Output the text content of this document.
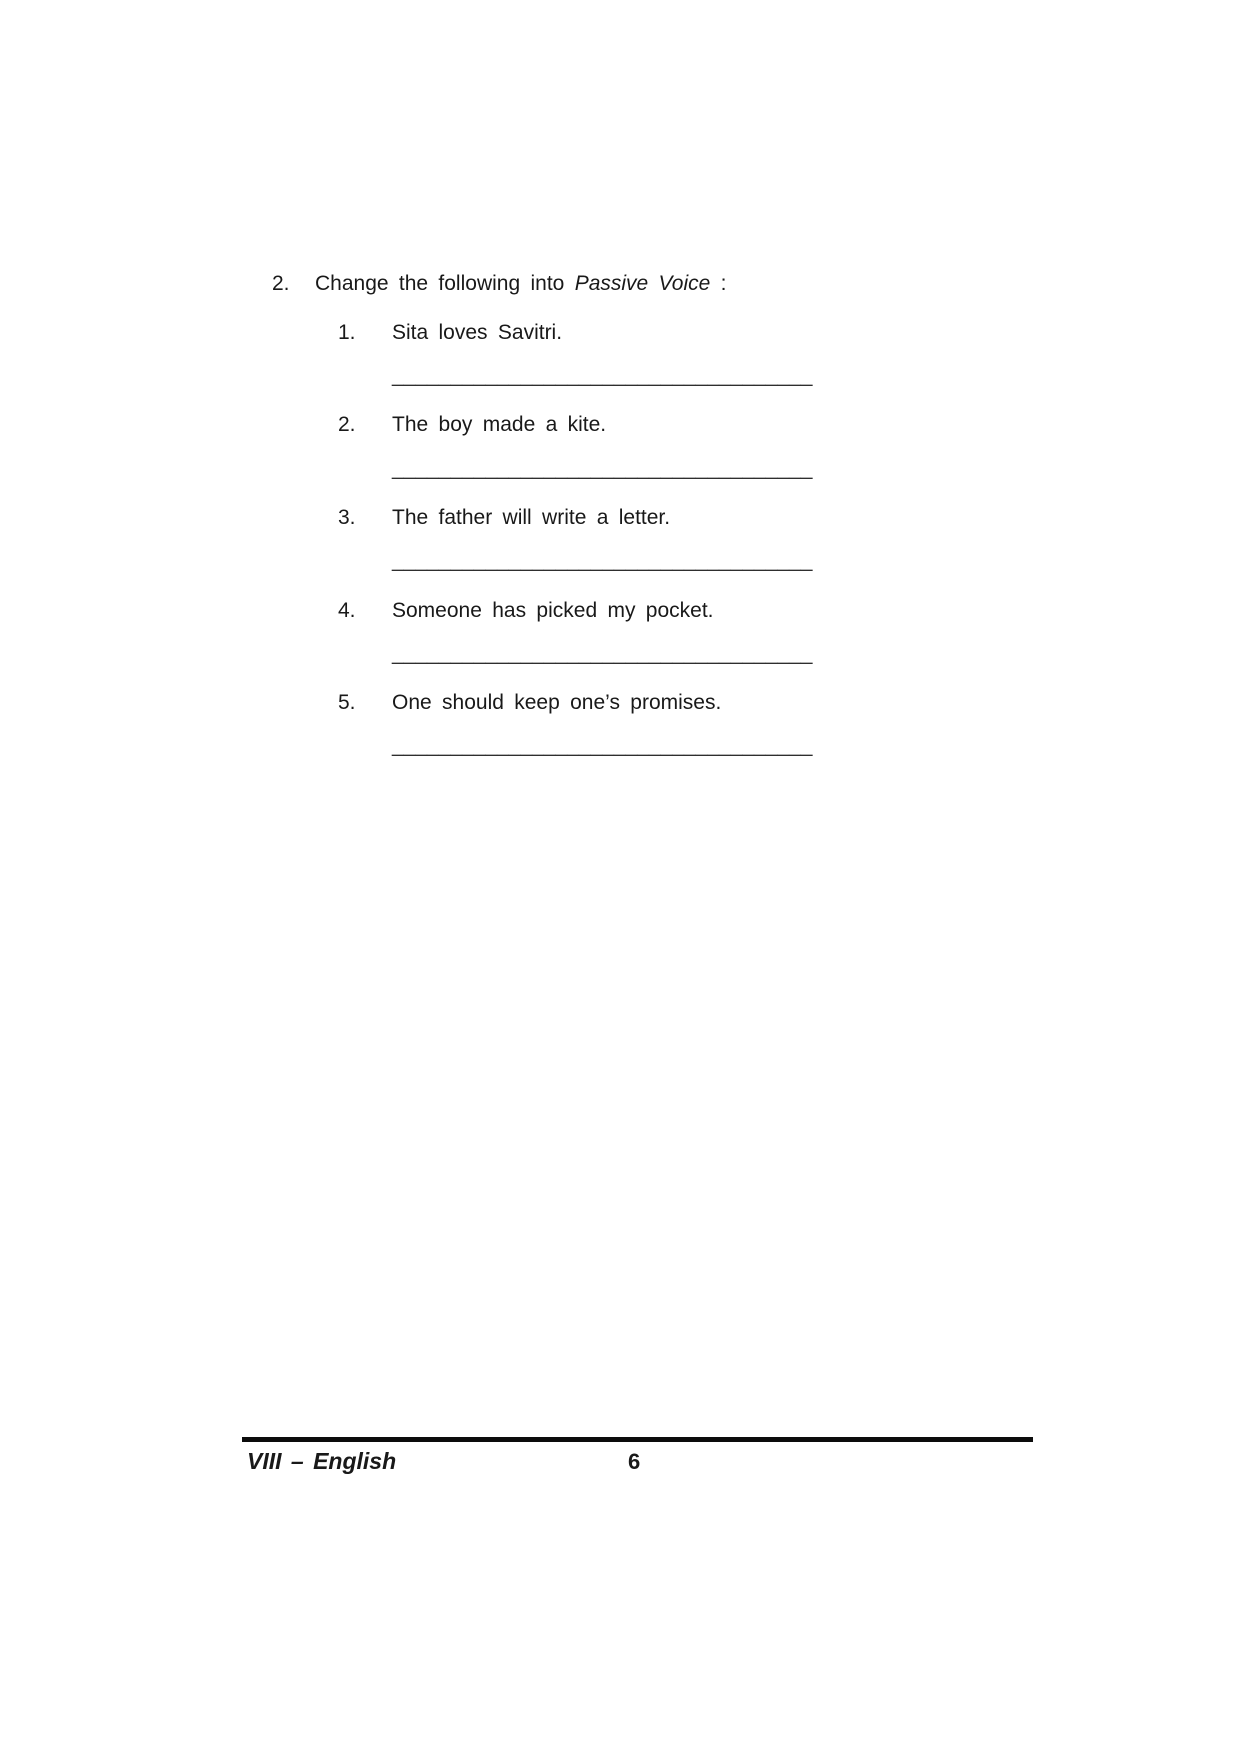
2. Change the following into Passive Voice :
1. Sita loves Savitri.
____________________________________
2. The boy made a kite.
____________________________________
3. The father will write a letter.
____________________________________
4. Someone has picked my pocket.
____________________________________
5. One should keep one’s promises.
____________________________________
VIII – English	6
